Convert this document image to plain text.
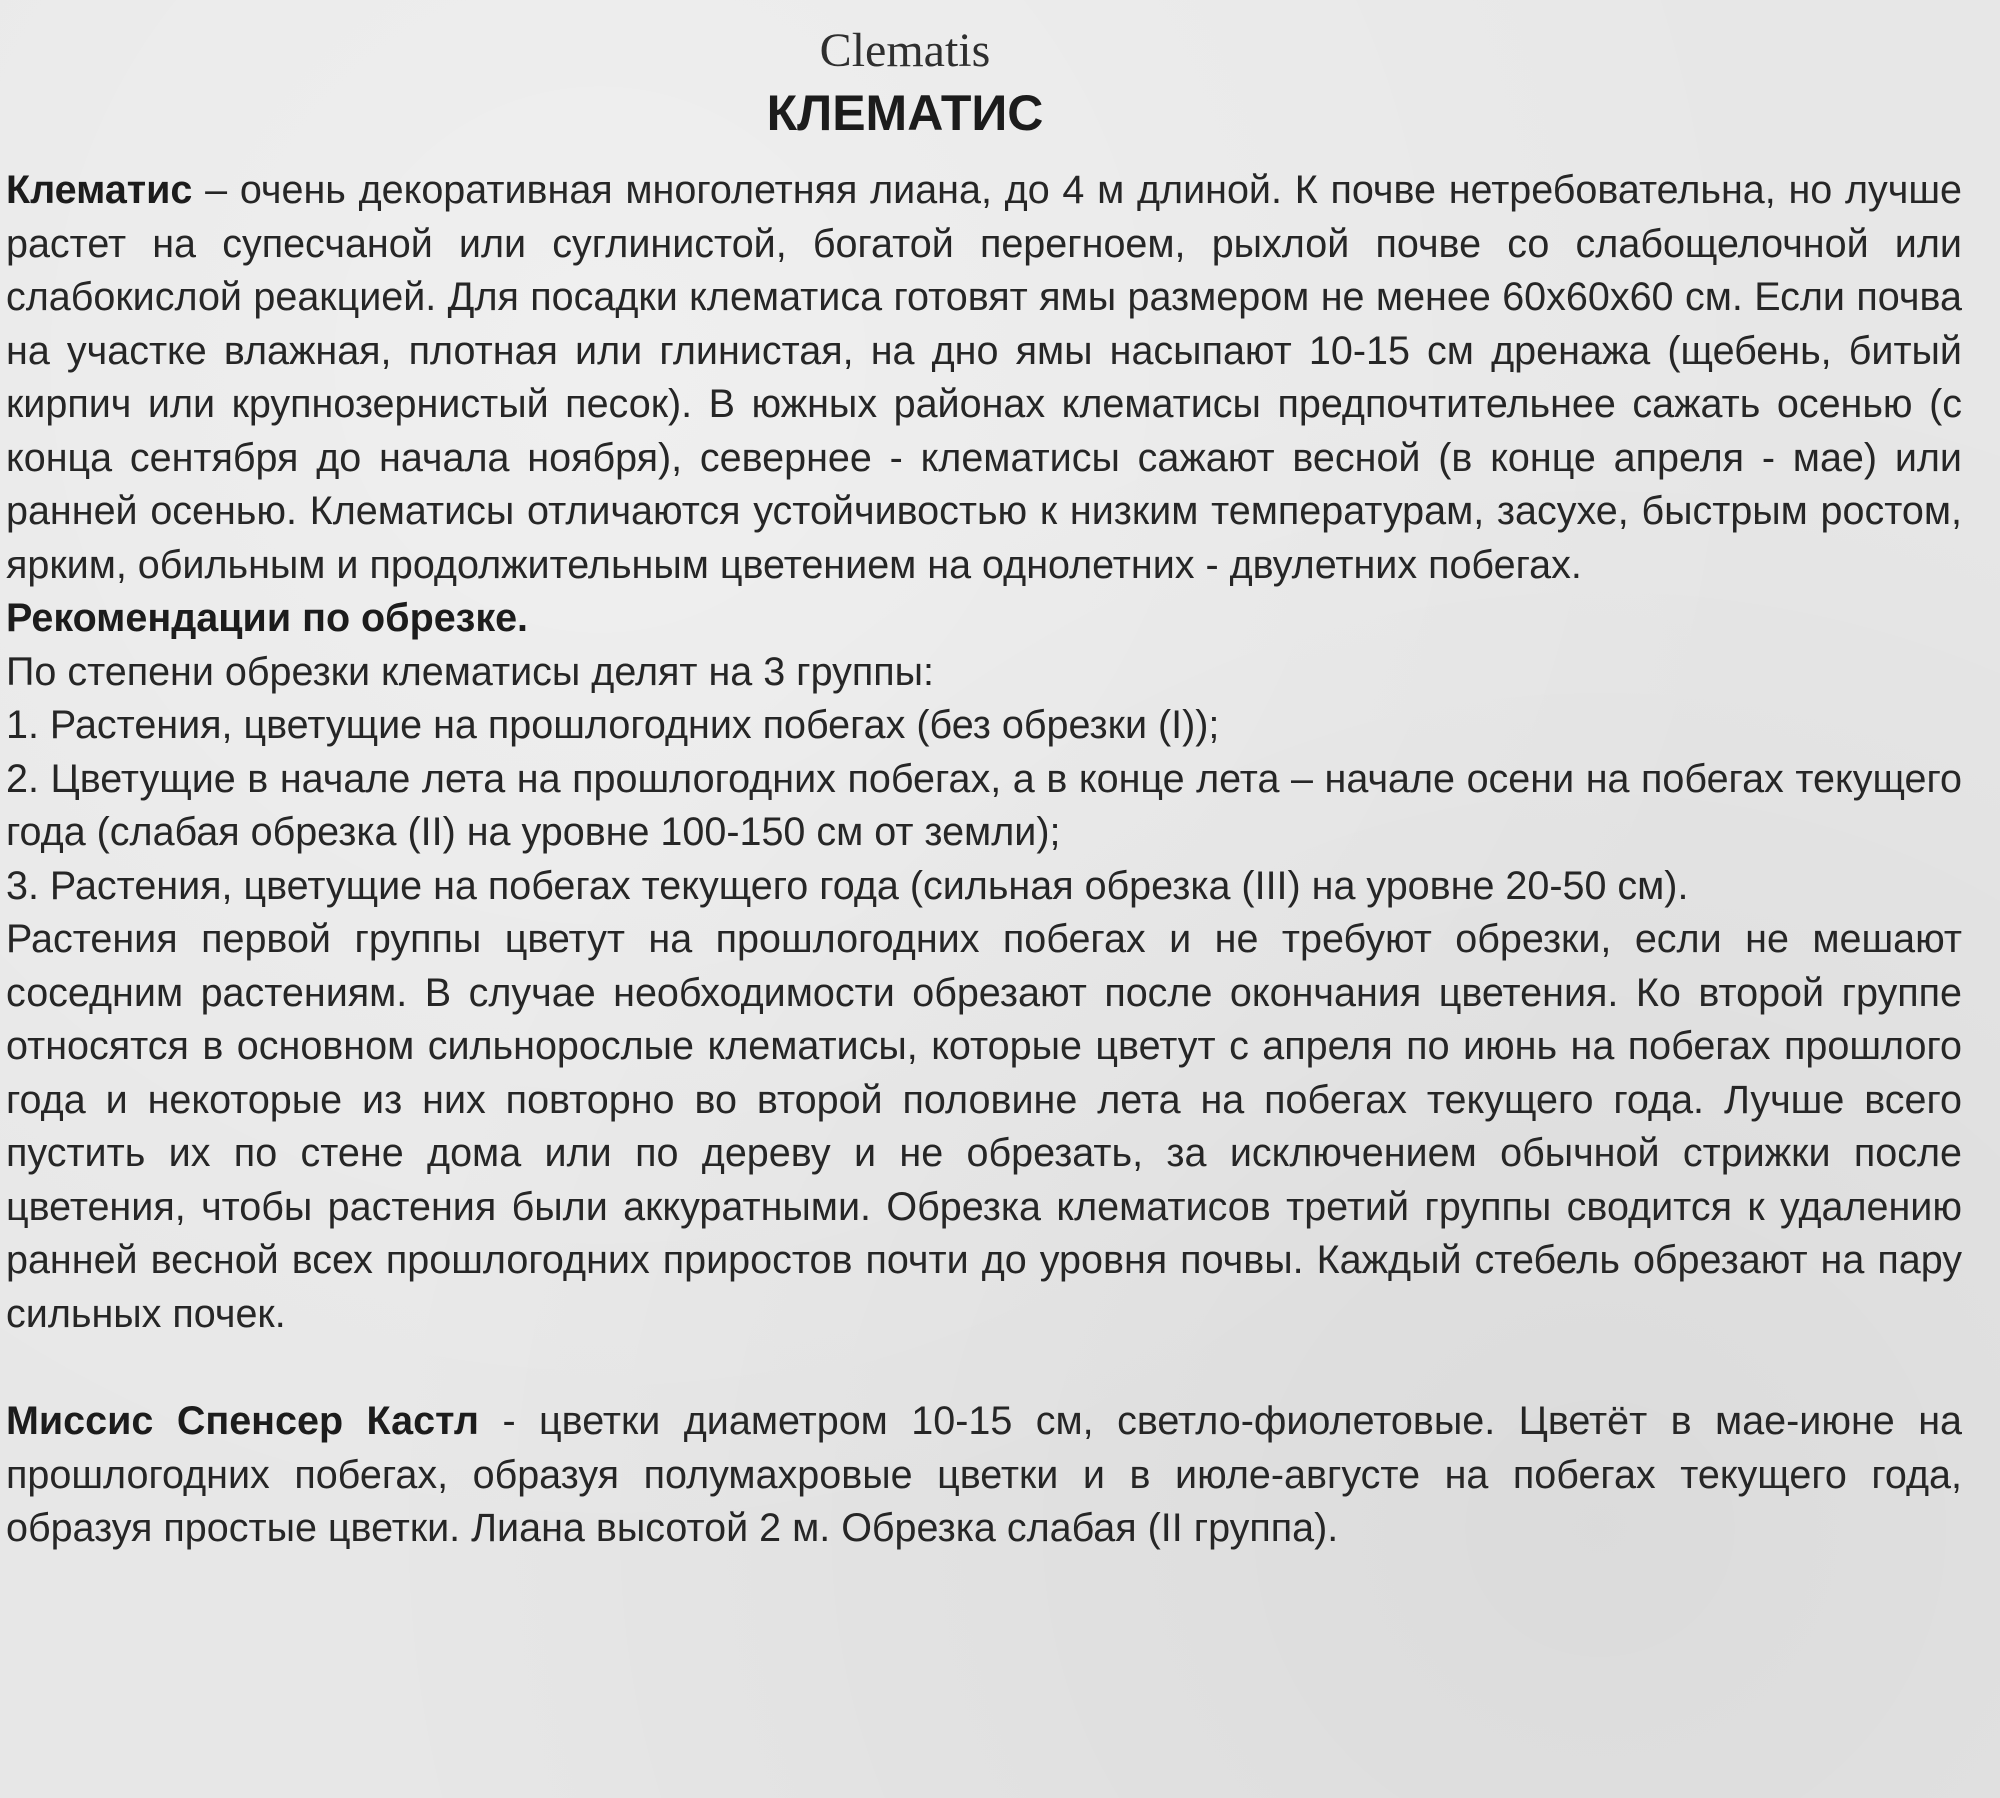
Clematis
КЛЕМАТИС

Клематис – очень декоративная многолетняя лиана, до 4 м длиной. К почве нетребовательна, но лучше растет на супесчаной или суглинистой, богатой перегноем, рыхлой почве со слабощелочной или слабокислой реакцией. Для посадки клематиса готовят ямы размером не менее 60х60х60 см. Если почва на участке влажная, плотная или глинистая, на дно ямы насыпают 10-15 см дренажа (щебень, битый кирпич или крупнозернистый песок). В южных районах клематисы предпочтительнее сажать осенью (с конца сентября до начала ноября), севернее - клематисы сажают весной (в конце апреля - мае) или ранней осенью. Клематисы отличаются устойчивостью к низким температурам, засухе, быстрым ростом, ярким, обильным и продолжительным цветением на однолетних - двулетних побегах.

Рекомендации по обрезке.

По степени обрезки клематисы делят на 3 группы:

1. Растения, цветущие на прошлогодних побегах (без обрезки (I));

2. Цветущие в начале лета на прошлогодних побегах, а в конце лета – начале осени на побегах текущего года (слабая обрезка (II) на уровне 100-150 см от земли);

3. Растения, цветущие на побегах текущего года (сильная обрезка (III) на уровне 20-50 см).

Растения первой группы цветут на прошлогодних побегах и не требуют обрезки, если не мешают соседним растениям. В случае необходимости обрезают после окончания цветения. Ко второй группе относятся в основном сильнорослые клематисы, которые цветут с апреля по июнь на побегах прошлого года и некоторые из них повторно во второй половине лета на побегах текущего года. Лучше всего пустить их по стене дома или по дереву и не обрезать, за исключением обычной стрижки после цветения, чтобы растения были аккуратными. Обрезка клематисов третий группы сводится к удалению ранней весной всех прошлогодних приростов почти до уровня почвы. Каждый стебель обрезают на пару сильных почек.

Миссис Спенсер Кастл - цветки диаметром 10-15 см, светло-фиолетовые. Цветёт в мае-июне на прошлогодних побегах, образуя полумахровые цветки и в июле-августе на побегах текущего года, образуя простые цветки. Лиана высотой 2 м. Обрезка слабая (II группа).
